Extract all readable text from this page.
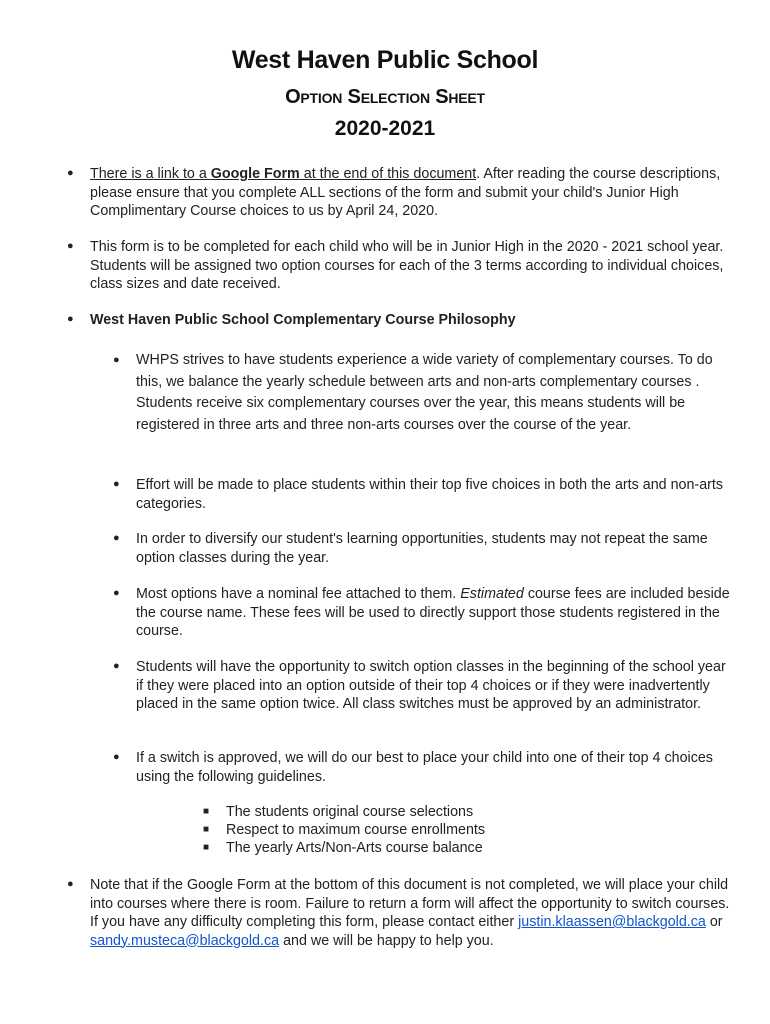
West Haven Public School
Option Selection Sheet
2020-2021
● There is a link to a Google Form at the end of this document. After reading the course descriptions, please ensure that you complete ALL sections of the form and submit your child's Junior High Complimentary Course choices to us by April 24, 2020.
● This form is to be completed for each child who will be in Junior High in the 2020 - 2021 school year. Students will be assigned two option courses for each of the 3 terms according to individual choices, class sizes and date received.
● West Haven Public School Complementary Course Philosophy
● WHPS strives to have students experience a wide variety of complementary courses. To do this, we balance the yearly schedule between arts and non-arts complementary courses . Students receive six complementary courses over the year, this means students will be registered in three arts and three non-arts courses over the course of the year.
● Effort will be made to place students within their top five choices in both the arts and non-arts categories.
● In order to diversify our student's learning opportunities, students may not repeat the same option classes during the year.
● Most options have a nominal fee attached to them. Estimated course fees are included beside the course name. These fees will be used to directly support those students registered in the course.
● Students will have the opportunity to switch option classes in the beginning of the school year if they were placed into an option outside of their top 4 choices or if they were inadvertently placed in the same option twice. All class switches must be approved by an administrator.
● If a switch is approved, we will do our best to place your child into one of their top 4 choices using the following guidelines.
■ The students original course selections
■ Respect to maximum course enrollments
■ The yearly Arts/Non-Arts course balance
● Note that if the Google Form at the bottom of this document is not completed, we will place your child into courses where there is room. Failure to return a form will affect the opportunity to switch courses. If you have any difficulty completing this form, please contact either justin.klaassen@blackgold.ca or sandy.musteca@blackgold.ca and we will be happy to help you.
